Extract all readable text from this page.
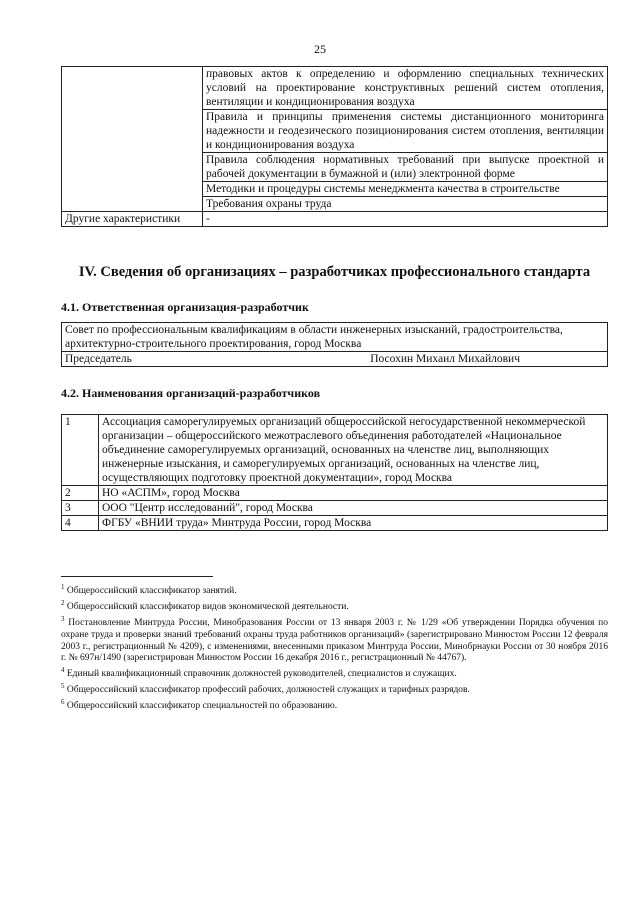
25
	правовых актов к определению и оформлению специальных технических условий на проектирование конструктивных решений систем отопления, вентиляции и кондиционирования воздуха
	Правила и принципы применения системы дистанционного мониторинга надежности и геодезического позиционирования систем отопления, вентиляции и кондиционирования воздуха
	Правила соблюдения нормативных требований при выпуске проектной и рабочей документации в бумажной и (или) электронной форме
	Методики и процедуры системы менеджмента качества в строительстве
	Требования охраны труда
Другие характеристики	-
IV. Сведения об организациях – разработчиках профессионального стандарта
4.1. Ответственная организация-разработчик
Совет по профессиональным квалификациям в области инженерных изысканий, градостроительства, архитектурно-строительного проектирования, город Москва

Председатель	Посохин Михаил Михайлович
4.2. Наименования организаций-разработчиков
1	Ассоциация саморегулируемых организаций общероссийской негосударственной некоммерческой организации – общероссийского межотраслевого объединения работодателей «Национальное объединение саморегулируемых организаций, основанных на членстве лиц, выполняющих инженерные изыскания, и саморегулируемых организаций, основанных на членстве лиц, осуществляющих подготовку проектной документации», город Москва
2	НО «АСПМ», город Москва
3	ООО "Центр исследований", город Москва
4	ФГБУ «ВНИИ труда» Минтруда России, город Москва

$^1$ Общероссийский классификатор занятий.

$^2$ Общероссийский классификатор видов экономической деятельности.

$^3$ Постановление Минтруда России, Минобразования России от 13 января 2003 г. № 1/29 «Об утверждении Порядка обучения по охране труда и проверки знаний требований охраны труда работников организаций» (зарегистрировано Минюстом России 12 февраля 2003 г., регистрационный № 4209), с изменениями, внесенными приказом Минтруда России, Минобрнауки России от 30 ноября 2016 г. № 697н/1490 (зарегистрирован Минюстом России 16 декабря 2016 г., регистрационный № 44767).

$^4$ Единый квалификационный справочник должностей руководителей, специалистов и служащих.

$^5$ Общероссийский классификатор профессий рабочих, должностей служащих и тарифных разрядов.

$^6$ Общероссийский классификатор специальностей по образованию.
